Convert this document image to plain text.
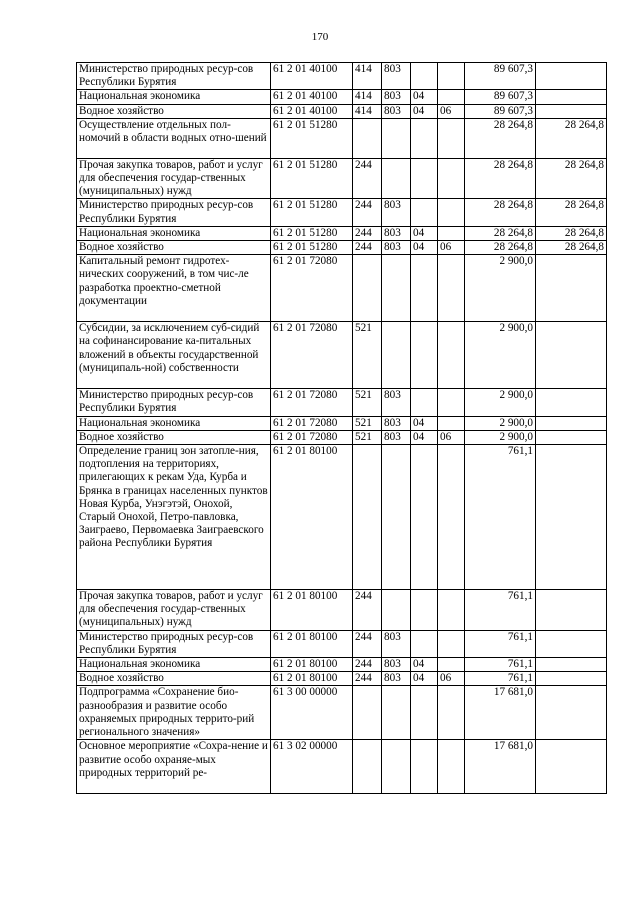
170
Министерство природных ресур-сов Республики Бурятия	61 2 01 40100	414	803			89 607,3	
Национальная экономика	61 2 01 40100	414	803	04		89 607,3	
Водное хозяйство	61 2 01 40100	414	803	04	06	89 607,3	
Осуществление отдельных пол-номочий в области водных отно-шений	61 2 01 51280					28 264,8	28 264,8
Прочая закупка товаров, работ и услуг для обеспечения государ-ственных (муниципальных) нужд	61 2 01 51280	244				28 264,8	28 264,8
Министерство природных ресур-сов Республики Бурятия	61 2 01 51280	244	803			28 264,8	28 264,8
Национальная экономика	61 2 01 51280	244	803	04		28 264,8	28 264,8
Водное хозяйство	61 2 01 51280	244	803	04	06	28 264,8	28 264,8
Капитальный ремонт гидротех-нических сооружений, в том чис-ле разработка проектно-сметной документации	61 2 01 72080					2 900,0	
Субсидии, за исключением суб-сидий на софинансирование ка-питальных вложений в объекты государственной (муниципаль-ной) собственности	61 2 01 72080	521				2 900,0	
Министерство природных ресур-сов Республики Бурятия	61 2 01 72080	521	803			2 900,0	
Национальная экономика	61 2 01 72080	521	803	04		2 900,0	
Водное хозяйство	61 2 01 72080	521	803	04	06	2 900,0	
Определение границ зон затопле-ния, подтопления на территориях, прилегающих к рекам Уда, Курба и Брянка в границах населенных пунктов Новая Курба, Унэгэтэй, Онохой, Старый Онохой, Петро-павловка, Заиграево, Первомаевка Заиграевского района Республики Бурятия	61 2 01 80100					761,1	
Прочая закупка товаров, работ и услуг для обеспечения государ-ственных (муниципальных) нужд	61 2 01 80100	244				761,1	
Министерство природных ресур-сов Республики Бурятия	61 2 01 80100	244	803			761,1	
Национальная экономика	61 2 01 80100	244	803	04		761,1	
Водное хозяйство	61 2 01 80100	244	803	04	06	761,1	
Подпрограмма «Сохранение био-разнообразия и развитие особо охраняемых природных террито-рий регионального значения»	61 3 00 00000					17 681,0	
Основное мероприятие «Сохра-нение и развитие особо охраняе-мых природных территорий ре-	61 3 02 00000					17 681,0	
